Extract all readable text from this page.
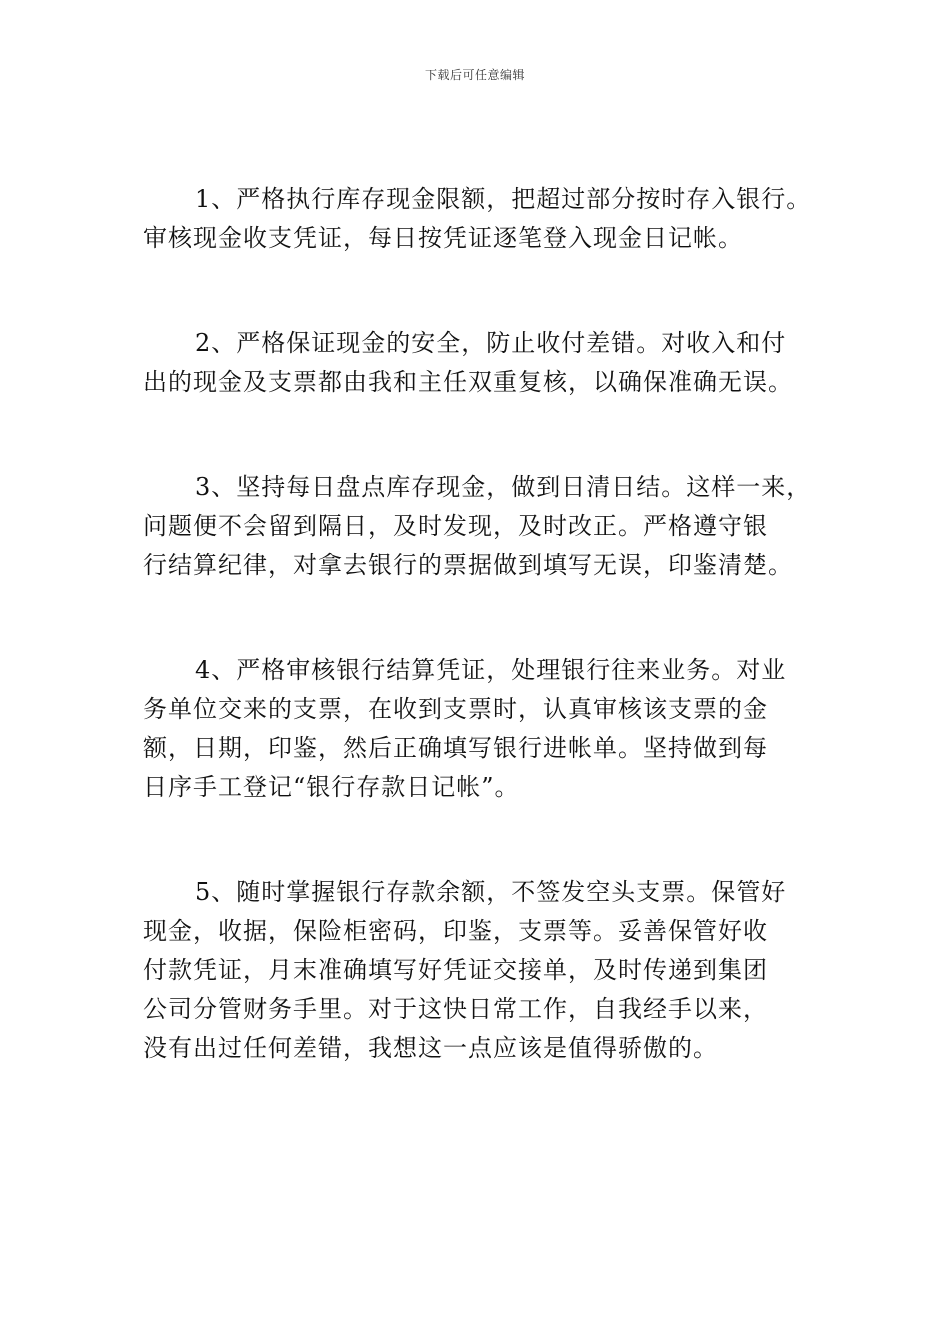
下载后可任意编辑
1、严格执行库存现金限额，把超过部分按时存入银行。
审核现金收支凭证，每日按凭证逐笔登入现金日记帐。
2、严格保证现金的安全，防止收付差错。对收入和付
出的现金及支票都由我和主任双重复核，以确保准确无误。
3、坚持每日盘点库存现金，做到日清日结。这样一来，
问题便不会留到隔日，及时发现，及时改正。严格遵守银
行结算纪律，对拿去银行的票据做到填写无误，印鉴清楚。
4、严格审核银行结算凭证，处理银行往来业务。对业
务单位交来的支票，在收到支票时，认真审核该支票的金
额，日期，印鉴，然后正确填写银行进帐单。坚持做到每
日序手工登记“银行存款日记帐”。
5、随时掌握银行存款余额，不签发空头支票。保管好
现金，收据，保险柜密码，印鉴，支票等。妥善保管好收
付款凭证，月末准确填写好凭证交接单，及时传递到集团
公司分管财务手里。对于这快日常工作，自我经手以来，
没有出过任何差错，我想这一点应该是值得骄傲的。
